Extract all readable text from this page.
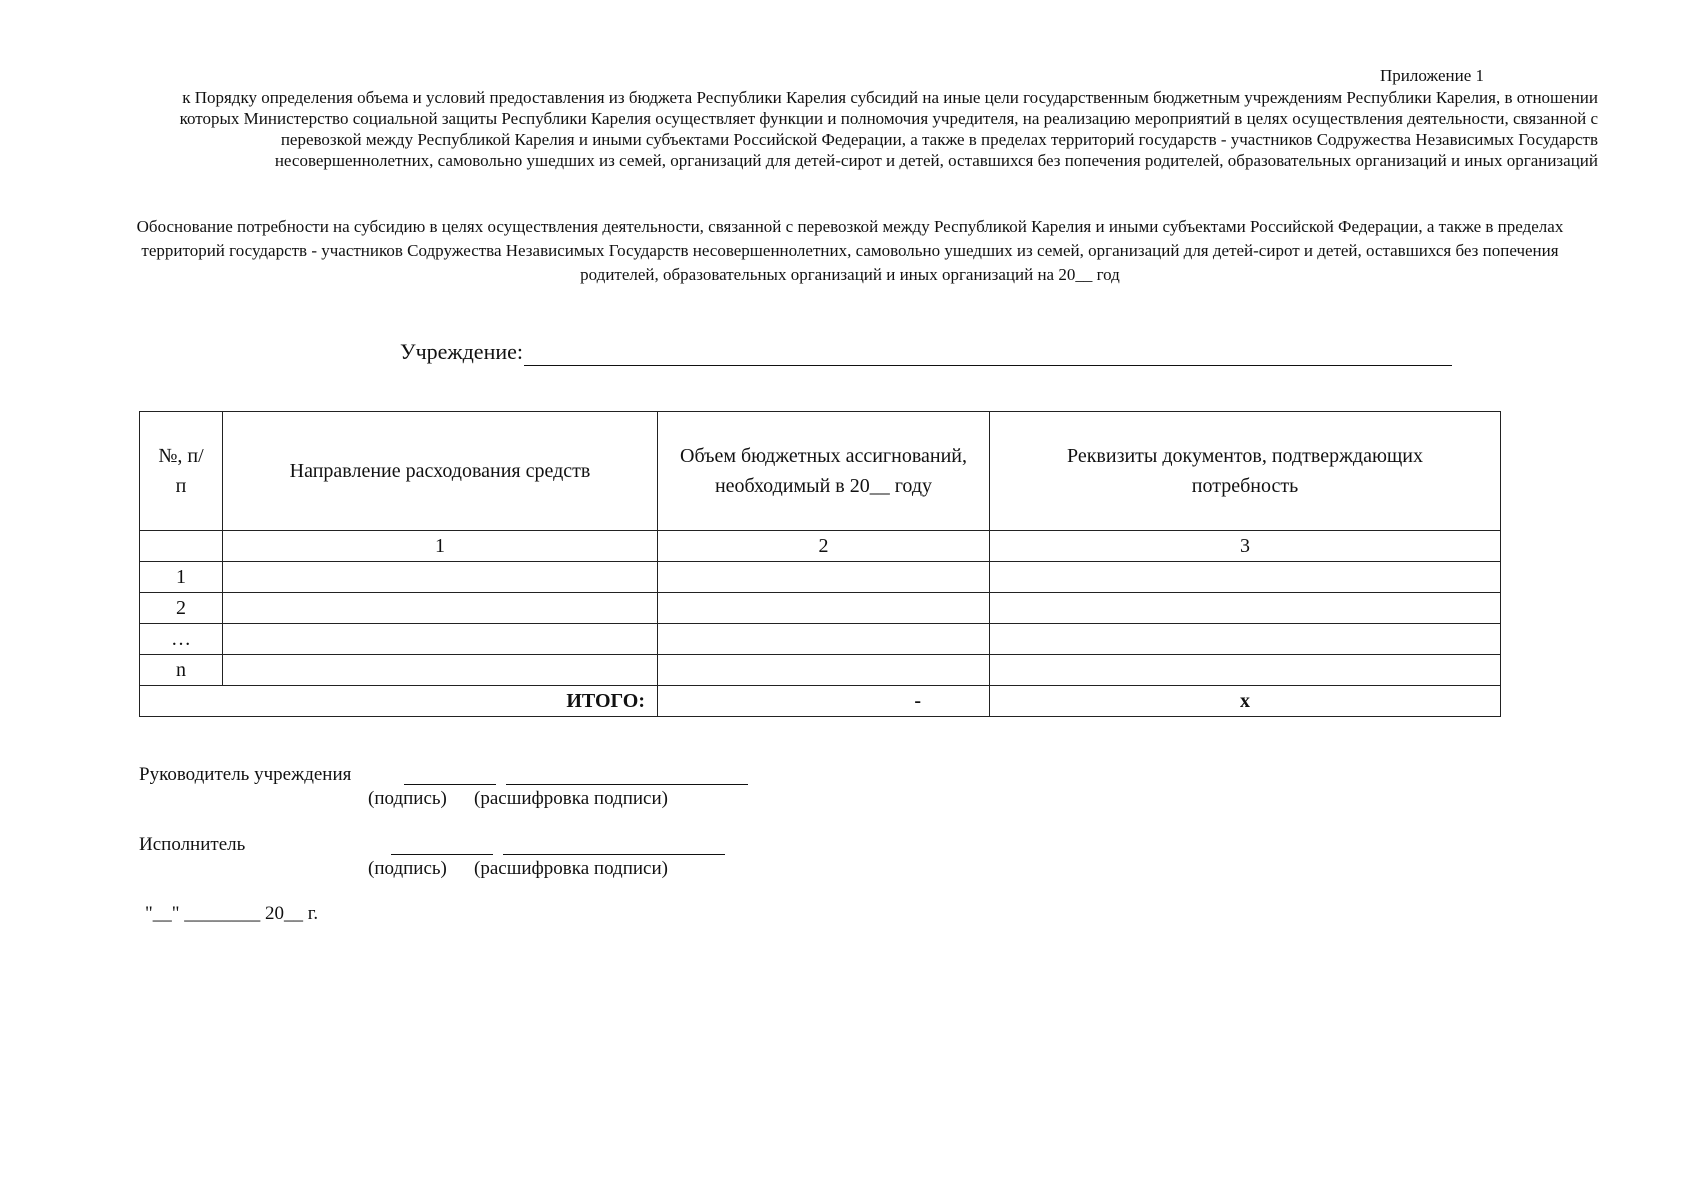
Приложение 1
к Порядку определения объема и условий предоставления из бюджета Республики Карелия субсидий на иные цели государственным бюджетным учреждениям Республики Карелия, в отношении которых Министерство социальной защиты Республики Карелия осуществляет функции и полномочия учредителя, на реализацию мероприятий в целях осуществления деятельности, связанной с перевозкой между Республикой Карелия и иными субъектами Российской Федерации, а также в пределах территорий государств - участников Содружества Независимых Государств несовершеннолетних, самовольно ушедших из семей, организаций для детей-сирот и детей, оставшихся без попечения родителей, образовательных организаций и иных организаций
Обоснование потребности на субсидию в целях осуществления деятельности, связанной с перевозкой между Республикой Карелия и иными субъектами Российской Федерации, а также в пределах территорий государств - участников Содружества Независимых Государств несовершеннолетних, самовольно ушедших из семей, организаций для детей-сирот и детей, оставшихся без попечения родителей, образовательных организаций и иных организаций на 20__ год
Учреждение:
№, п/п	Направление расходования средств	Объем бюджетных ассигнований, необходимый в 20__ году	Реквизиты документов, подтверждающих потребность
	1	2	3
1			
2			
…			
n			
ИТОГО:		-	x
Руководитель учреждения
(подпись) (расшифровка подписи)
Исполнитель
(подпись) (расшифровка подписи)
"__" ________ 20__ г.
